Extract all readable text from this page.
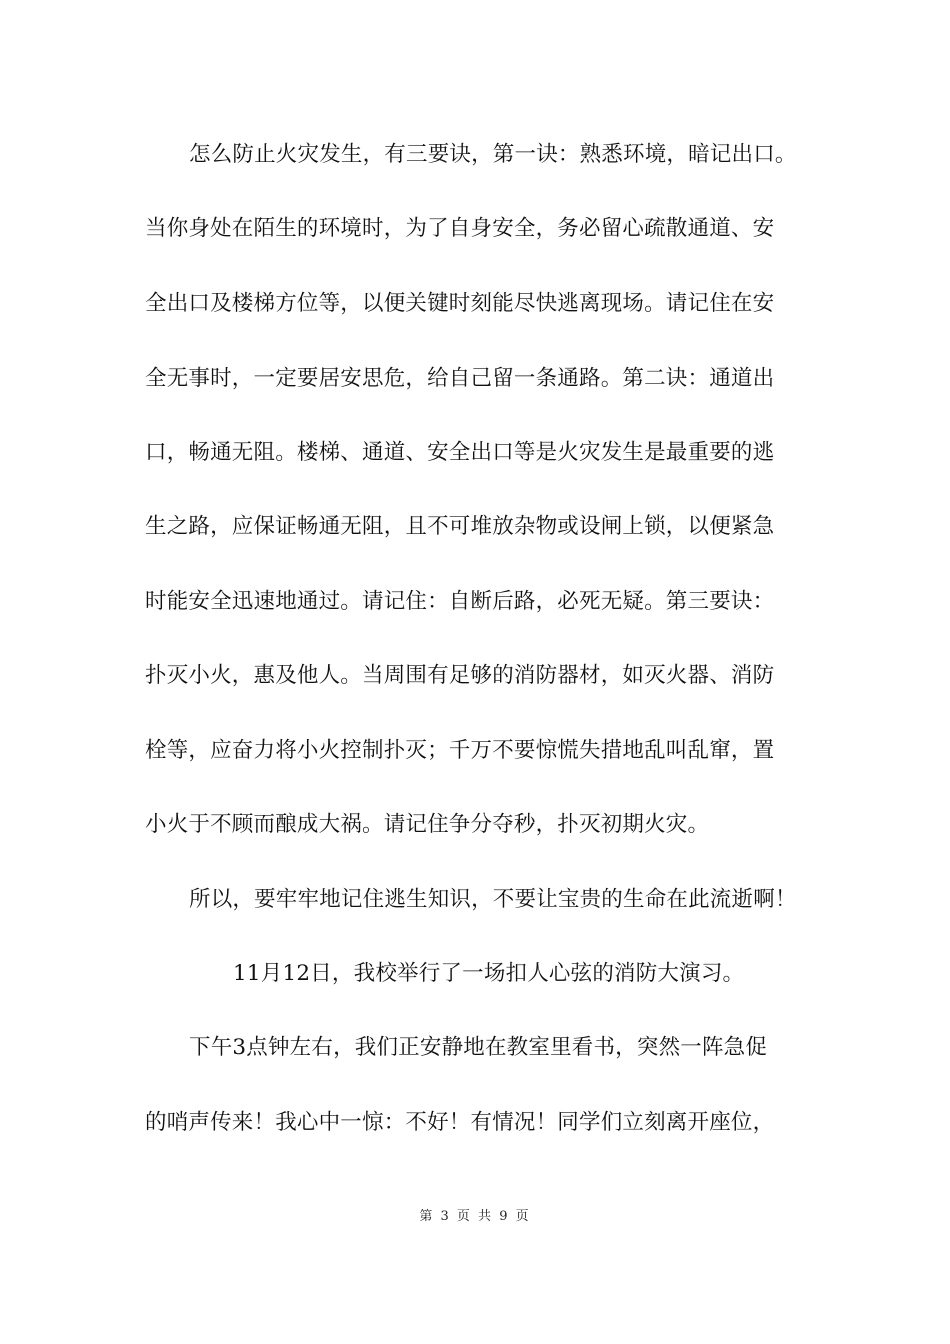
怎么防止火灾发生，有三要诀，第一诀：熟悉环境，暗记出口。
当你身处在陌生的环境时，为了自身安全，务必留心疏散通道、安
全出口及楼梯方位等，以便关键时刻能尽快逃离现场。请记住在安
全无事时，一定要居安思危，给自己留一条通路。第二诀：通道出
口，畅通无阻。楼梯、通道、安全出口等是火灾发生是最重要的逃
生之路，应保证畅通无阻，且不可堆放杂物或设闸上锁，以便紧急
时能安全迅速地通过。请记住：自断后路，必死无疑。第三要诀：
扑灭小火，惠及他人。当周围有足够的消防器材，如灭火器、消防
栓等，应奋力将小火控制扑灭；千万不要惊慌失措地乱叫乱窜，置
小火于不顾而酿成大祸。请记住争分夺秒，扑灭初期火灾。
所以，要牢牢地记住逃生知识，不要让宝贵的生命在此流逝啊！
11月12日，我校举行了一场扣人心弦的消防大演习。
下午3点钟左右，我们正安静地在教室里看书，突然一阵急促
的哨声传来！我心中一惊：不好！有情况！同学们立刻离开座位，
第 3 页 共 9 页
